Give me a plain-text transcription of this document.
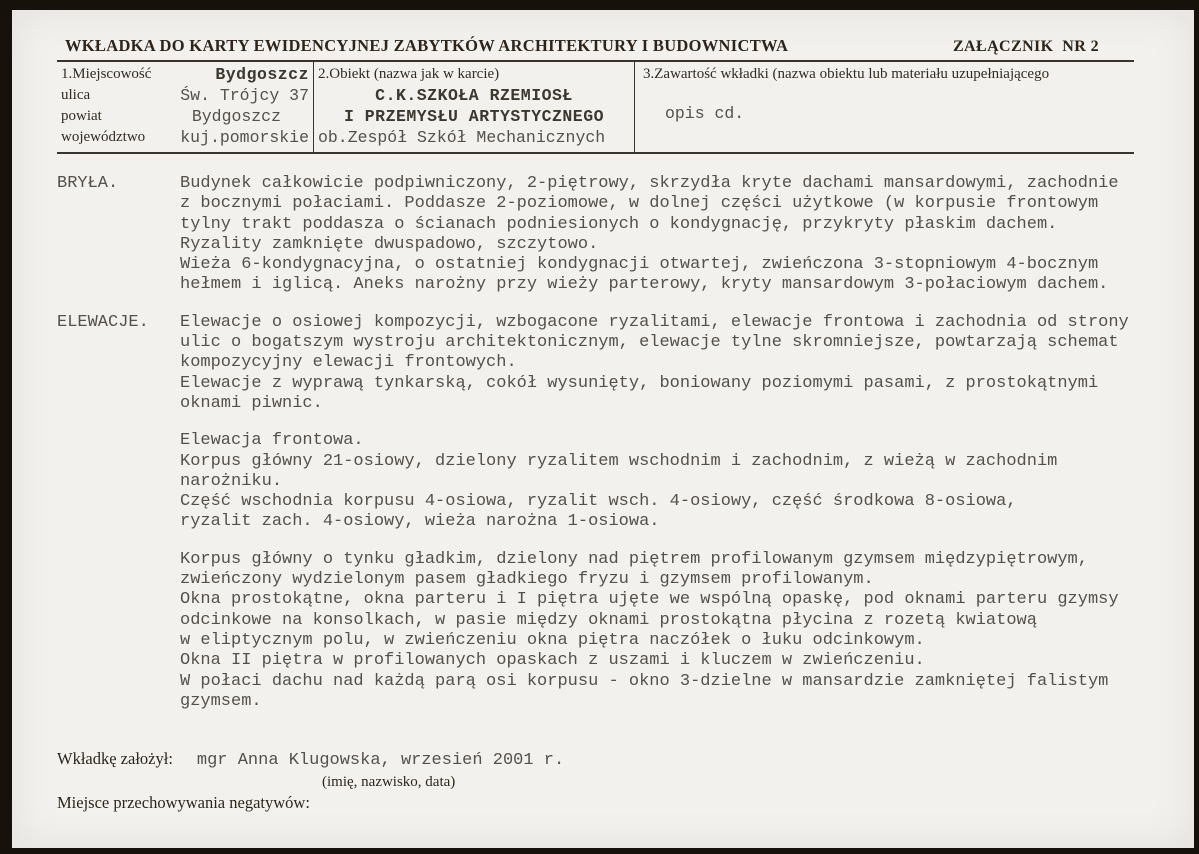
WKŁADKA DO KARTY EWIDENCYJNEJ ZABYTKÓW ARCHITEKTURY I BUDOWNICTWA	ZAŁĄCZNIK  NR 2
1.Miejscowość	Bydgoszcz
ulica	Św. Trójcy 37
powiat	Bydgoszcz
województwo kuj.pomorskie
2.Obiekt (nazwa jak w karcie)
C.K.SZKOŁA RZEMIOSŁ
I PRZEMYSŁU ARTYSTYCZNEGO
ob.Zespół Szkół Mechanicznych
3.Zawartość wkładki (nazwa obiektu lub materiału uzupełniającego
opis cd.
BRYŁA.	Budynek całkowicie podpiwniczony, 2-piętrowy, skrzydła kryte dachami mansardowymi, zachodnie
z bocznymi połaciami. Poddasze 2-poziomowe, w dolnej części użytkowe (w korpusie frontowym
tylny trakt poddasza o ścianach podniesionych o kondygnację, przykryty płaskim dachem.
Ryzality zamknięte dwuspadowo, szczytowo.
Wieża 6-kondygnacyjna, o ostatniej kondygnacji otwartej, zwieńczona 3-stopniowym 4-bocznym
hełmem i iglicą. Aneks narożny przy wieży parterowy, kryty mansardowym 3-połaciowym dachem.
ELEWACJE.	Elewacje o osiowej kompozycji, wzbogacone ryzalitami, elewacje frontowa i zachodnia od strony
ulic o bogatszym wystroju architektonicznym, elewacje tylne skromniejsze, powtarzają schemat
kompozycyjny elewacji frontowych.
Elewacje z wyprawą tynkarską, cokół wysunięty, boniowany poziomymi pasami, z prostokątnymi
oknami piwnic.
Elewacja frontowa.
Korpus główny 21-osiowy, dzielony ryzalitem wschodnim i zachodnim, z wieżą w zachodnim
narożniku.
Część wschodnia korpusu 4-osiowa, ryzalit wsch. 4-osiowy, część środkowa 8-osiowa,
ryzalit zach. 4-osiowy, wieża narożna 1-osiowa.
Korpus główny o tynku gładkim, dzielony nad piętrem profilowanym gzymsem międzypiętrowym,
zwieńczony wydzielonym pasem gładkiego fryzu i gzymsem profilowanym.
Okna prostokątne, okna parteru i I piętra ujęte we wspólną opaskę, pod oknami parteru gzymsy
odcinkowe na konsolkach, w pasie między oknami prostokątna płycina z rozetą kwiatową
w eliptycznym polu, w zwieńczeniu okna piętra naczółek o łuku odcinkowym.
Okna II piętra w profilowanych opaskach z uszami i kluczem w zwieńczeniu.
W połaci dachu nad każdą parą osi korpusu - okno 3-dzielne w mansardzie zamkniętej falistym
gzymsem.
Wkładkę założył: mgr Anna Klugowska, wrzesień 2001 r.
(imię, nazwisko, data)
Miejsce przechowywania negatywów:
